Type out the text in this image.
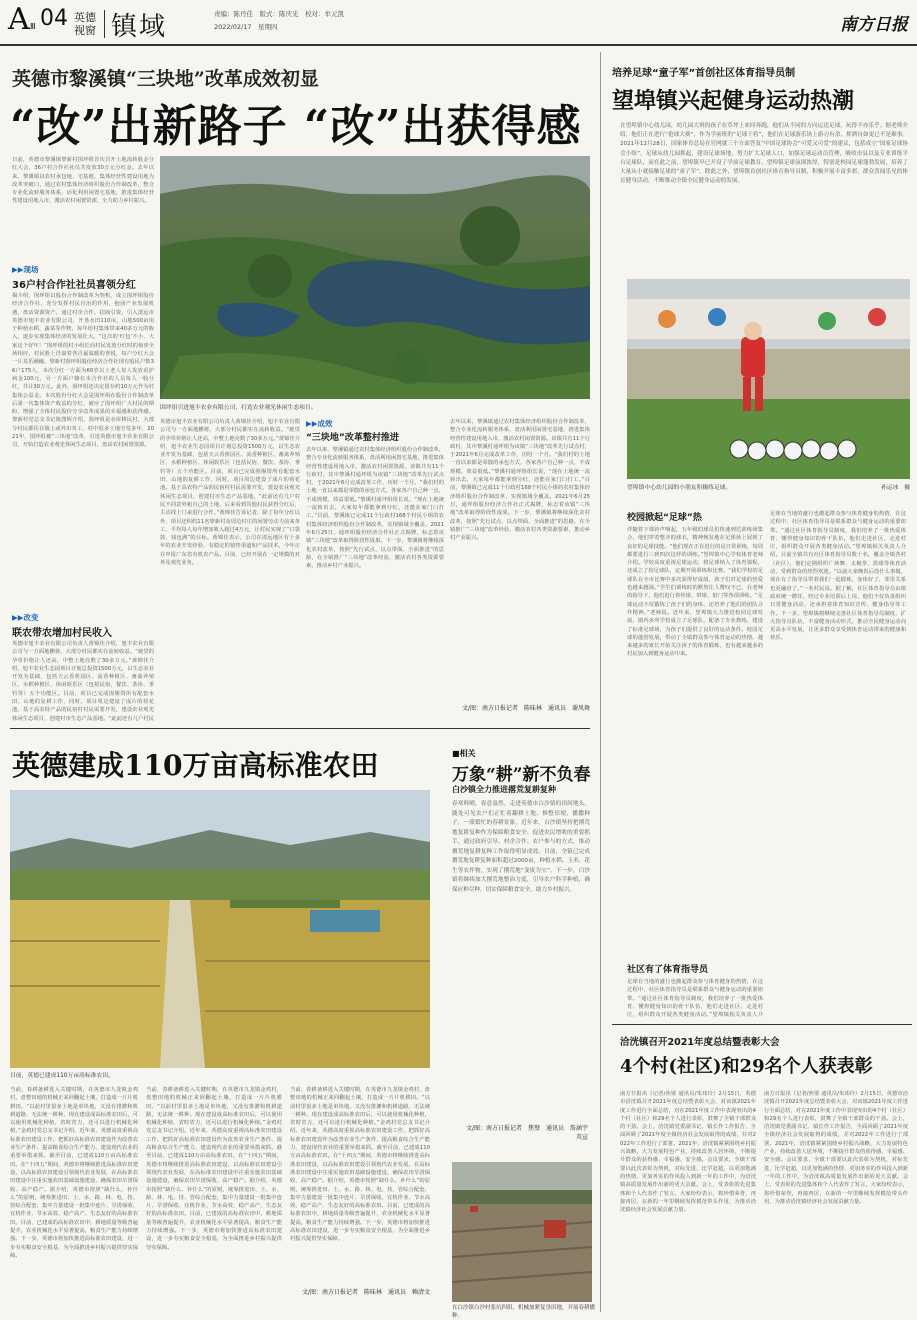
A Ⅲ 04 英德
视窗 镇域	责编：陈丹佳　版式：陈庆光　校对：牟元凯
2022/02/17　星期四	南方日报
英德市黎溪镇“三块地”改革成效初显
“改”出新路子 “改”出获得感
日前，英德市黎溪镇黎新村围坪组首次召开土地流转股金分红大会，36户村合作社社员共发放30万元分红金。去年以来，黎溪镇以农村承包地、宅基地、集体经营性建设用地为改革突破口，通过农村集体经济组织股份合作制改革，整合专业化流转服务体系，活化利用闲置宅基地，推进集体经营性建设用地入市，激活农村闲置资源，全力助力乡村振兴。
▶▶现场
36户村合作社社员喜领分红
揭介绍，围坪组以股份合作制改革为契机，成立围坪组股份经济合作社，充分发挥村民自治的作用，抱团产业发展机遇，盘活资源资产，通过村企合作、招商引资，引入清远市英德市旭丰农业有限公司，开垦水田110亩，山地500亩用于种植水稻、蔬菜等作物，每年给村集体带来40多万元的收入，逐步实现集体经济的发展壮大。“这次的‘红包’不小，大家这个好年！”围坪组的村小组长向村民发放分红时的惊喜全场相应，村民脸上洋溢着各自最温暖的喜悦，每户分红大会一片其乐融融。黎新村围坪组股份经济合作社现有股民户数36户175人，本次分红一方面为60岁以上老人每人发放看护病金100元，另一方面户籍在本合作社的人员每人一股分红，共计30万元。此外，围坪组还决定留存约10万元作为村集体公益金。本次股份分红大会是围坪组在股份合作制改革后第一次集体资产收益的分红，被应了围坪组广大村民的期盼，增强了全体村民股份分享改革成果的幸福感和获得感。黎新村党总支书记陈图辉介绍，围坪组是水库移民村，大部分村民都住在镇上或外出务工，村中很多土地空荒多年，2021年，围坪组被“三块地”改革，引进英德市旭丰农业有限公司，开始打造农业观光休闲生态项目，盘活农村闲置资源。
▶▶改变
联农带农增加村民收入
英德市旭丰农业有限公司负责人黄锦佳介绍，旭丰农业有限公司与一方面地鹏将、大部分村民都实在流转收益。“她里的孕草价格让人还高，中整土地亮数了30多万元。”黄锦佳介绍，旭丰农业生态园项目计划总投资1500万元，以生态农业开发为基础，包括天云香蕉园区、流香种植区、畜禽养殖区、水稻种植区、休闲娱乐区（包括民宿、餐饮、茶协、垂钓等）五个功能区。目前，项目已完成围堰资所有配套水田、山地的复耕工作，同时，项目周边建设了成片的荷花池。基于高农特产品的民宿村村民需要开发，建设农业观光休闲生态项目，创建村市生态产品基地。“此前还有几户村民
围坪组引进旭丰农业有限公司，打造农业观光休闲生态项目。
英德市旭丰农业有限公司负责人黄锦佳介绍，旭丰农业有限公司与一方面地鹏将、大部分村民都实在流转收益。“她里的孕草价格让人还高，中整土地亮数了30多万元。”黄锦佳介绍，旭丰农业生态园项目计划总投资1500万元，以生态农业开发为基础，包括天云香蕉园区、流香种植区、畜禽养殖区、水稻种植区、休闲娱乐区（包括民宿、餐饮、茶协、垂钓等）五个功能区。目前，项目已完成围堰资所有配套水田、山地的复耕工作，同时，项目周边建设了成片的荷花池。基于高农特产品的民宿村村民需要开发，建设农业观光休闲生态项目，创建村市生态产品基地。“此前还有几户村民不同意外租自己的土地，后来看到其他村民获得分红后，主动找上门来进行合作。”黄锦佳告诉记者，除了每年分红以外，项目还积约11名黎新村及周边村庄的闲置劳动力前来务工，平均每人每年增加收入超过4万元，让村民实现了“口袋鼓、钱包满”的目标。黄锦佳表示，公司在清远地区有十多年的农业开发经验，有稳定的销售渠道和产品技术，今年正在申报广东省有机农产品。目前，已经开展在一定规模的对外及观光业务。
▶▶成效
“三块地”改革整村推进
去年以来，黎溪镇通过农村集体经济组织股份合作制改革，整合专业化流转服务体系，盘活利用闲置宅基地，推进集体经营性建设用地入市，激活农村闲置资源。该镇共有11个行政村，其中黎溪村通坪组为该镇“三块地”改革先行试点村，于2021年6月完成改革工作，历时一个月。“我们村的土地一直以来都是零散的承包方式，各家各户自己种一点，不成规模，效益很低。”黎溪村通坪组组长说，“现在土地统一流转出去，大家每年都能拿到分红，还能在家门口打工。”目前，黎溪镇已完成11个行政村168个村民小组的农村集体经济组织股份合作制改革，实现镇域全覆盖。2021年6月25日，通坪组股份经济合作社正式揭牌，标志着该镇“三块地”改革取得阶段性成果。下一步，黎溪镇将继续深化农村改革，按照“先行试点、以点带面、全面推进”的思路，在全镇推广“三块地”改革经验，激活农村各类资源要素，推动乡村产业振兴。
去年以来，黎溪镇通过农村集体经济组织股份合作制改革，整合专业化流转服务体系，盘活利用闲置宅基地，推进集体经营性建设用地入市，激活农村闲置资源。该镇共有11个行政村，其中黎溪村通坪组为该镇“三块地”改革先行试点村，于2021年6月完成改革工作，历时一个月。“我们村的土地一直以来都是零散的承包方式，各家各户自己种一点，不成规模，效益很低。”黎溪村通坪组组长说，“现在土地统一流转出去，大家每年都能拿到分红，还能在家门口打工。”目前，黎溪镇已完成11个行政村168个村民小组的农村集体经济组织股份合作制改革，实现镇域全覆盖。2021年6月25日，通坪组股份经济合作社正式揭牌，标志着该镇“三块地”改革取得阶段性成果。下一步，黎溪镇将继续深化农村改革，按照“先行试点、以点带面、全面推进”的思路，在全镇推广“三块地”改革经验，激活农村各类资源要素，推动乡村产业振兴。
文/图：南方日报记者　陈味林　通讯员　谢凤舞
英德建成110万亩高标准农田
目前，英德已建成110万亩高标准农田。
当前，春耕备耕进入关键时期，在英德市九龙镇金鸡村，盘整田地的机械正来回翻起土壤，打造成一片片机耕田。“以前村里很多土地是单块地，又没有排灌和机耕道路，无法统一耕种。现在建设成高标准农田后，可以使用机械化种植，省时省力，还可以进行机械化种植。”金鸡村党总支书记介绍。近年来，英德高度重视高标准农田建设工作，把抓好高标准农田建设作为改善农业生产条件、提高粮食综合生产能力、建设现代农业的重要举措来抓。截至目前，已建成110万亩高标准农田。在“十四五”期间，英德市将继续推进高标准农田建设，以高标准农田建设引领现代农业发展，在高标准农田建设中注重实施农田基础设施建设，确保农田旱涝保收、高产稳产。据介绍，英德市按照“缺什么、补什么”的原则，统筹推进田、土、水、路、林、电、技、管综合配套，集中力量建设一批集中连片、旱涝保收、宜机作业、节水高效、稳产高产、生态友好的高标准农田。目前，已建成的高标准农田中，耕地质量等级普遍提升，农业机械化水平显著提高，粮食生产能力持续增强。下一步，英德市将加快推进高标准农田建设，进一步夯实粮食安全根基，为全面推进乡村振兴提供坚实保障。
当前，春耕备耕进入关键时期，在英德市九龙镇金鸡村，盘整田地的机械正来回翻起土壤，打造成一片片机耕田。“以前村里很多土地是单块地，又没有排灌和机耕道路，无法统一耕种。现在建设成高标准农田后，可以使用机械化种植，省时省力，还可以进行机械化种植。”金鸡村党总支书记介绍。近年来，英德高度重视高标准农田建设工作，把抓好高标准农田建设作为改善农业生产条件、提高粮食综合生产能力、建设现代农业的重要举措来抓。截至目前，已建成110万亩高标准农田。在“十四五”期间，英德市将继续推进高标准农田建设，以高标准农田建设引领现代农业发展，在高标准农田建设中注重实施农田基础设施建设，确保农田旱涝保收、高产稳产。据介绍，英德市按照“缺什么、补什么”的原则，统筹推进田、土、水、路、林、电、技、管综合配套，集中力量建设一批集中连片、旱涝保收、宜机作业、节水高效、稳产高产、生态友好的高标准农田。目前，已建成的高标准农田中，耕地质量等级普遍提升，农业机械化水平显著提高，粮食生产能力持续增强。下一步，英德市将加快推进高标准农田建设，进一步夯实粮食安全根基，为全面推进乡村振兴提供坚实保障。
当前，春耕备耕进入关键时期，在英德市九龙镇金鸡村，盘整田地的机械正来回翻起土壤，打造成一片片机耕田。“以前村里很多土地是单块地，又没有排灌和机耕道路，无法统一耕种。现在建设成高标准农田后，可以使用机械化种植，省时省力，还可以进行机械化种植。”金鸡村党总支书记介绍。近年来，英德高度重视高标准农田建设工作，把抓好高标准农田建设作为改善农业生产条件、提高粮食综合生产能力、建设现代农业的重要举措来抓。截至目前，已建成110万亩高标准农田。在“十四五”期间，英德市将继续推进高标准农田建设，以高标准农田建设引领现代农业发展，在高标准农田建设中注重实施农田基础设施建设，确保农田旱涝保收、高产稳产。据介绍，英德市按照“缺什么、补什么”的原则，统筹推进田、土、水、路、林、电、技、管综合配套，集中力量建设一批集中连片、旱涝保收、宜机作业、节水高效、稳产高产、生态友好的高标准农田。目前，已建成的高标准农田中，耕地质量等级普遍提升，农业机械化水平显著提高，粮食生产能力持续增强。下一步，英德市将加快推进高标准农田建设，进一步夯实粮食安全根基，为全面推进乡村振兴提供坚实保障。
■相关
万象“耕”新不负春
白沙镇全力推进撂荒复耕复种
春寒料峭，春意盎然。走进英德市白沙镇的田间地头，随处可见农户们正忙着翻耕土地、修整田埂、播撒种子，一派繁忙的春耕景象。近年来，白沙镇坚持把撂荒地复耕复种作为保障粮食安全、促进农民增收的重要抓手，通过政府引导、村企合作、农户参与的方式，推动撂荒地复耕复种工作取得明显成效。目前，全镇已完成撂荒地复耕复种面积超过2000亩，种植水稻、玉米、花生等农作物，实现了撂荒地“变废为宝”。下一步，白沙镇将继续加大撂荒地整治力度，引导农户科学种植，确保应种尽种，切实保障粮食安全，助力乡村振兴。
文/图：南方日报记者　焦璧　通讯员　詹涵宇　英宣
文/图：南方日报记者　陈味林　通讯员　赖清文
在白沙镇白沙村张坑四组，机械加紧复垦田地，开展春耕播种。
培养足球“童子军”首创社区体育指导员制
望埠镇兴起健身运动热潮
在望埠镇中心幼儿园，幼儿园大班的孩子在草坪上来回奔跑，他们从不同的方向运送足球，玩得不亦乐乎。据老师介绍，他们正在进行“抢球大赛”，作为学前班的“足球干将”，他们在足球游乐场上游刃有余，挥洒自如更已不是难事。2021年12月28日，国家体育总局在官网就三个方面答复“中国足球协会“可爱又可爱”的建议，包括成立“国家足球协会小组”，足球从幼儿园抓起，建设足球场地，努力扩大足球人口，加强足球运动员管理，吸收市县以及专业训练平台足球队，而在此之前，望埠镇早已开设了学前足球教育。望埠镇足球氛围浓厚，特别是校园足球蓬勃发展，培养了大量从小就接触足球的“童子军”。除此之外，望埠镇首创社区体育指导员制，积极开展丰富多彩、群众喜闻乐见的体育健身活动，不断推动全镇全民健身运动的发展。
望埠镇中心幼儿园的小朋友积极练足球。	孙运冰　摄
校园掀起“足球”热
伴随着下课铃声响起，五年级的球员们快速到达训练场集合。他们穿着整齐的球衣，精神焕发地在足球场上展现了良好的足球技能。“他们现在正在进行的是日常训练，每周都要进行三到四次这样的训练。”望埠镇中心学校体育老师介绍。学校高度重视足球运动，将足球纳入了体育课程，还成立了校足球队，定期开展训练和比赛。“我们学校的足球队在全市比赛中多次获得好成绩，孩子们对足球的热爱也越来越深。”学生们训练时的默契让人赞叹不已，在老师的指导下，他们进行着传球、带球、射门等各项训练。“足球运动不仅锻炼了孩子们的身体，还培养了他们的团队合作精神。”老师说。近年来，望埠镇大力推进校园足球发展，镇内多所学校成立了足球队，配备了专业教练，建设了标准足球场，为孩子们提供了良好的运动条件。校园足球的蓬勃发展，带动了全镇群众参与体育运动的热情。越来越多的家长开始关注孩子的体育锻炼，也有越来越多的村民加入到健身运动中来。
社区有了体育指导员
足球在当地的盛行也激起群众参与体育健身的热情，在这过程中，社区体育指导员是联系群众与健身运动的重要纽带。“通过社区体育指导员制度，我们培养了一批热爱体育、懂得健身知识的骨干队伍，他们走进社区、走进村庄，组织群众开展各类健身活动。”望埠镇相关负责人介
足球在当地的盛行也激起群众参与体育健身的热情，在这过程中，社区体育指导员是联系群众与健身运动的重要纽带。“通过社区体育指导员制度，我们培养了一批热爱体育、懂得健身知识的骨干队伍，他们走进社区、走进村庄，组织群众开展各类健身活动。”望埠镇相关负责人介绍，目前全镇共有社区体育指导员数十名，覆盖全镇各村（社区），他们定期组织广场舞、太极拳、篮球等体育活动，受到群众的热烈欢迎。“以前大家晚饭后没什么事做，现在有了指导员带着我们一起锻炼，身体好了，邻里关系也更融洽了。”一名村民说。据了解，社区体育指导员由镇政府统一聘任，经过专业培训后上岗，他们不仅负责组织日常健身活动，还承担着体育知识宣传、健身指导等工作。下一步，望埠镇将继续完善社区体育指导员制度，扩大指导员队伍，丰富健身活动形式，推动全民健身运动向更高水平发展，让更多群众享受到体育运动带来的健康和快乐。
洽洸镇召开2021年度总结暨表彰大会
4个村(社区)和29名个人获表彰
南方日报讯（记者/焦璧 通讯员/朱玮玲）2月15日，英德市洽洸镇召开2021年度总结暨表彰大会，对该镇2021年度工作进行全面总结，对在2021年度工作中表现突出的4个村（社区）和29名个人进行表彰，鼓舞了全镇干部群众的干劲。会上，洽洸镇党委副书记、镇长作工作报告，全面回顾了2021年度全镇经济社会发展取得的成绩，并对2022年工作进行了部署。2021年，洽洸镇紧紧围绕乡村振兴战略，大力发展特色产业，持续改善人居环境，不断提升群众的获得感、幸福感、安全感。会议要求，全镇干部要以此次表彰为契机，对标先进、比学赶超，以更加饱满的热情、更加务实的作风投入到新一年的工作中，为洽洸镇高质量发展作出新的更大贡献。会上，受表彰的先进集体和个人代表作了发言。大家纷纷表示，将珍惜荣誉，再接再厉，在新的一年里继续发挥模范带头作用，为推动洽洸镇经济社会发展贡献力量。
南方日报讯（记者/焦璧 通讯员/朱玮玲）2月15日，英德市洽洸镇召开2021年度总结暨表彰大会，对该镇2021年度工作进行全面总结，对在2021年度工作中表现突出的4个村（社区）和29名个人进行表彰，鼓舞了全镇干部群众的干劲。会上，洽洸镇党委副书记、镇长作工作报告，全面回顾了2021年度全镇经济社会发展取得的成绩，并对2022年工作进行了部署。2021年，洽洸镇紧紧围绕乡村振兴战略，大力发展特色产业，持续改善人居环境，不断提升群众的获得感、幸福感、安全感。会议要求，全镇干部要以此次表彰为契机，对标先进、比学赶超，以更加饱满的热情、更加务实的作风投入到新一年的工作中，为洽洸镇高质量发展作出新的更大贡献。会上，受表彰的先进集体和个人代表作了发言。大家纷纷表示，将珍惜荣誉，再接再厉，在新的一年里继续发挥模范带头作用，为推动洽洸镇经济社会发展贡献力量。
